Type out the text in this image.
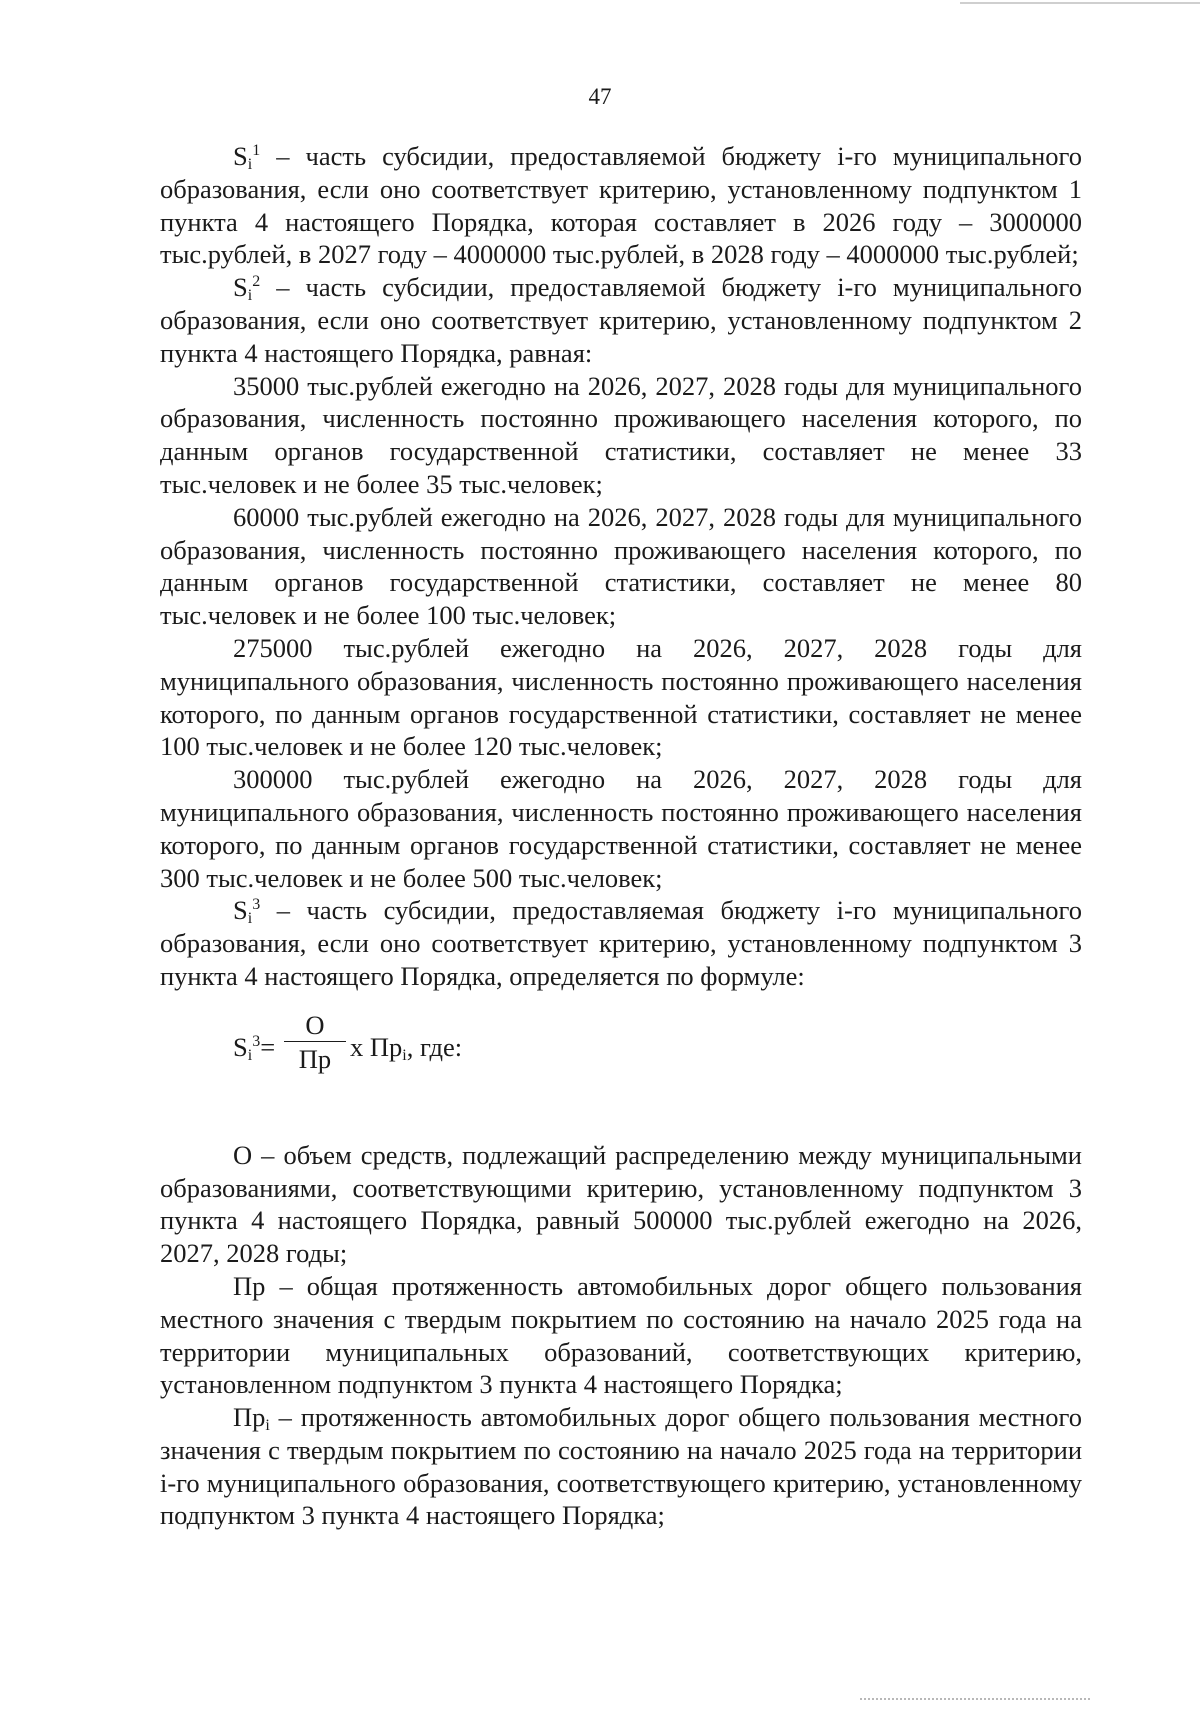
47

$S_i^1$ – часть субсидии, предоставляемой бюджету i-го муниципального образования, если оно соответствует критерию, установленному подпунктом 1 пункта 4 настоящего Порядка, которая составляет в 2026 году – 3000000 тыс.рублей, в 2027 году – 4000000 тыс.рублей, в 2028 году – 4000000 тыс.рублей;

$S_i^2$ – часть субсидии, предоставляемой бюджету i-го муниципального образования, если оно соответствует критерию, установленному подпунктом 2 пункта 4 настоящего Порядка, равная:

35000 тыс.рублей ежегодно на 2026, 2027, 2028 годы для муниципального образования, численность постоянно проживающего населения которого, по данным органов государственной статистики, составляет не менее 33 тыс.человек и не более 35 тыс.человек;

60000 тыс.рублей ежегодно на 2026, 2027, 2028 годы для муниципального образования, численность постоянно проживающего населения которого, по данным органов государственной статистики, составляет не менее 80 тыс.человек и не более 100 тыс.человек;

275000 тыс.рублей ежегодно на 2026, 2027, 2028 годы для муниципального образования, численность постоянно проживающего населения которого, по данным органов государственной статистики, составляет не менее 100 тыс.человек и не более 120 тыс.человек;

300000 тыс.рублей ежегодно на 2026, 2027, 2028 годы для муниципального образования, численность постоянно проживающего населения которого, по данным органов государственной статистики, составляет не менее 300 тыс.человек и не более 500 тыс.человек;

$S_i^3$ – часть субсидии, предоставляемая бюджету i-го муниципального образования, если оно соответствует критерию, установленному подпунктом 3 пункта 4 настоящего Порядка, определяется по формуле:

$S_i^3=$
О
Пр х $Пр_i$, где:

О – объем средств, подлежащий распределению между муниципальными образованиями, соответствующими критерию, установленному подпунктом 3 пункта 4 настоящего Порядка, равный 500000 тыс.рублей ежегодно на 2026, 2027, 2028 годы;

Пр – общая протяженность автомобильных дорог общего пользования местного значения с твердым покрытием по состоянию на начало 2025 года на территории муниципальных образований, соответствующих критерию, установленном подпунктом 3 пункта 4 настоящего Порядка;

$Пр_i$ – протяженность автомобильных дорог общего пользования местного значения с твердым покрытием по состоянию на начало 2025 года на территории i-го муниципального образования, соответствующего критерию, установленному подпунктом 3 пункта 4 настоящего Порядка;
